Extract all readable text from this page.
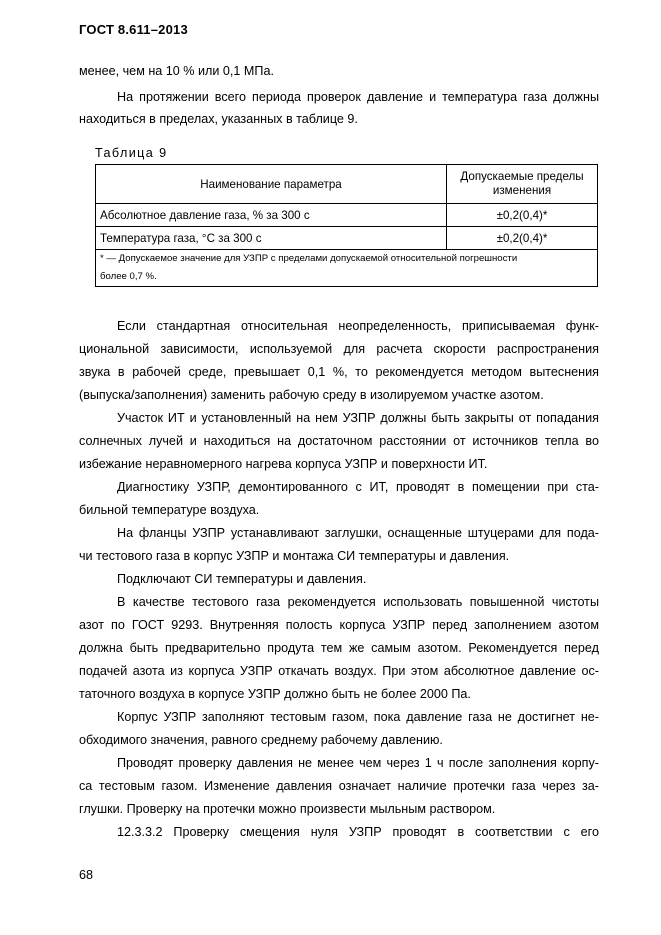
ГОСТ 8.611–2013
менее, чем на 10 % или 0,1 МПа.
На протяжении всего периода проверок давление и температура газа должны
находиться в пределах, указанных в таблице 9.
Таблица 9
Наименование параметра	Допускаемые пределы изменения
Абсолютное давление газа, % за 300 с	±0,2(0,4)*
Температура газа, °С за 300 с	±0,2(0,4)*
* — Допускаемое значение для УЗПР с пределами допускаемой относительной погрешности
более 0,7 %.	
Если стандартная относительная неопределенность, приписываемая функ-
циональной зависимости, используемой для расчета скорости распространения
звука в рабочей среде, превышает 0,1 %, то рекомендуется методом вытеснения
(выпуска/заполнения) заменить рабочую среду в изолируемом участке азотом.
Участок ИТ и установленный на нем УЗПР должны быть закрыты от попадания
солнечных лучей и находиться на достаточном расстоянии от источников тепла во
избежание неравномерного нагрева корпуса УЗПР и поверхности ИТ.
Диагностику УЗПР, демонтированного с ИТ, проводят в помещении при ста-
бильной температуре воздуха.
На фланцы УЗПР устанавливают заглушки, оснащенные штуцерами для пода-
чи тестового газа в корпус УЗПР и монтажа СИ температуры и давления.
Подключают СИ температуры и давления.
В качестве тестового газа рекомендуется использовать повышенной чистоты
азот по ГОСТ 9293. Внутренняя полость корпуса УЗПР перед заполнением азотом
должна быть предварительно продута тем же самым азотом. Рекомендуется перед
подачей азота из корпуса УЗПР откачать воздух. При этом абсолютное давление ос-
таточного воздуха в корпусе УЗПР должно быть не более 2000 Па.
Корпус УЗПР заполняют тестовым газом, пока давление газа не достигнет не-
обходимого значения, равного среднему рабочему давлению.
Проводят проверку давления не менее чем через 1 ч после заполнения корпу-
са тестовым газом. Изменение давления означает наличие протечки газа через за-
глушки. Проверку на протечки можно произвести мыльным раствором.
12.3.3.2 Проверку смещения нуля УЗПР проводят в соответствии с его
68
